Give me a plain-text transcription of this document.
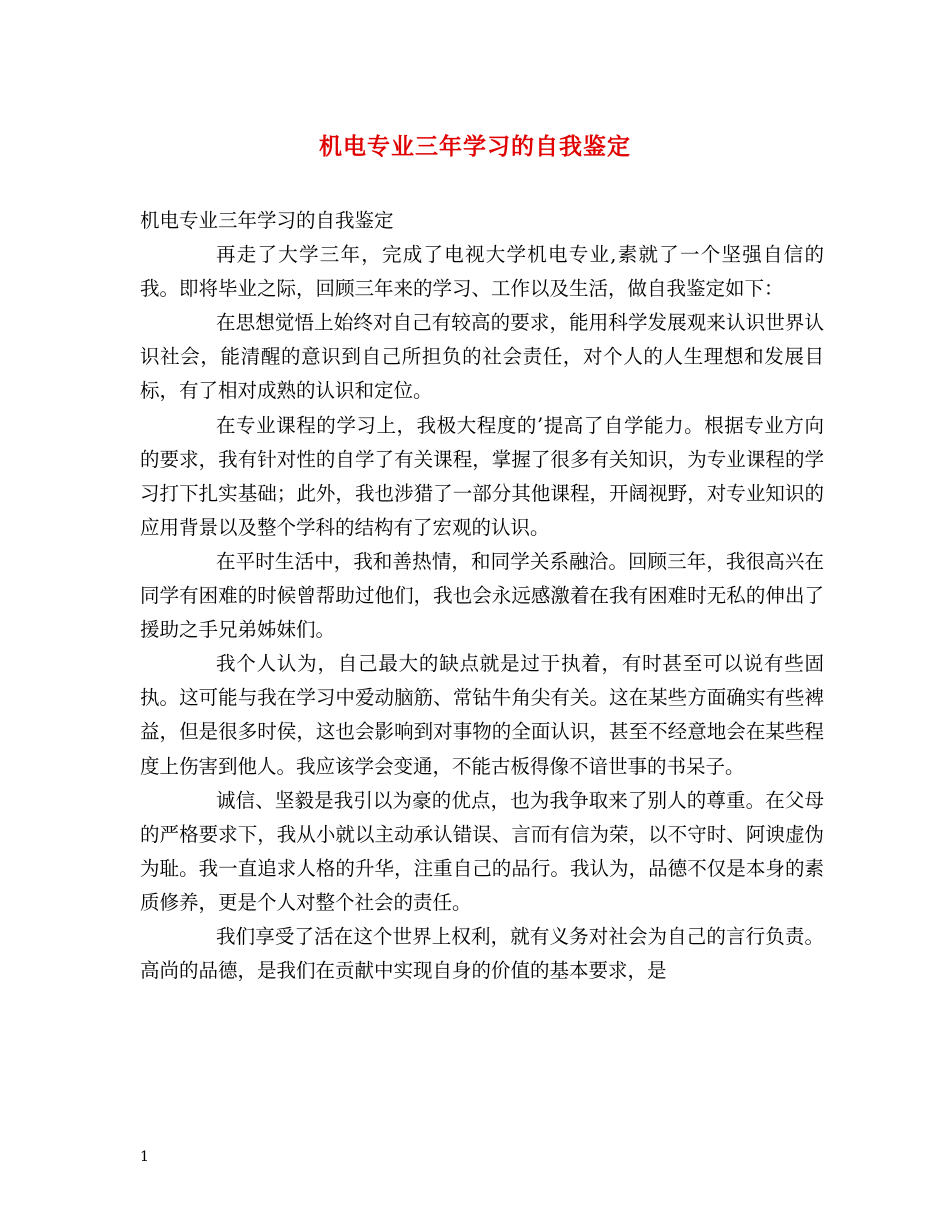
机电专业三年学习的自我鉴定

机电专业三年学习的自我鉴定

再走了大学三年，完成了电视大学机电专业,素就了一个坚强自信的我。即将毕业之际，回顾三年来的学习、工作以及生活，做自我鉴定如下：

在思想觉悟上始终对自己有较高的要求，能用科学发展观来认识世界认识社会，能清醒的意识到自己所担负的社会责任，对个人的人生理想和发展目标，有了相对成熟的认识和定位。

在专业课程的学习上，我极大程度的’提高了自学能力。根据专业方向的要求，我有针对性的自学了有关课程，掌握了很多有关知识，为专业课程的学习打下扎实基础；此外，我也涉猎了一部分其他课程，开阔视野，对专业知识的应用背景以及整个学科的结构有了宏观的认识。

在平时生活中，我和善热情，和同学关系融洽。回顾三年，我很高兴在同学有困难的时候曾帮助过他们，我也会永远感激着在我有困难时无私的伸出了援助之手兄弟姊妹们。

我个人认为，自己最大的缺点就是过于执着，有时甚至可以说有些固执。这可能与我在学习中爱动脑筋、常钻牛角尖有关。这在某些方面确实有些裨益，但是很多时侯，这也会影响到对事物的全面认识，甚至不经意地会在某些程度上伤害到他人。我应该学会变通，不能古板得像不谙世事的书呆子。

诚信、坚毅是我引以为豪的优点，也为我争取来了别人的尊重。在父母的严格要求下，我从小就以主动承认错误、言而有信为荣，以不守时、阿谀虚伪为耻。我一直追求人格的升华，注重自己的品行。我认为，品德不仅是本身的素质修养，更是个人对整个社会的责任。

我们享受了活在这个世界上权利，就有义务对社会为自己的言行负责。高尚的品德，是我们在贡献中实现自身的价值的基本要求，是

1
